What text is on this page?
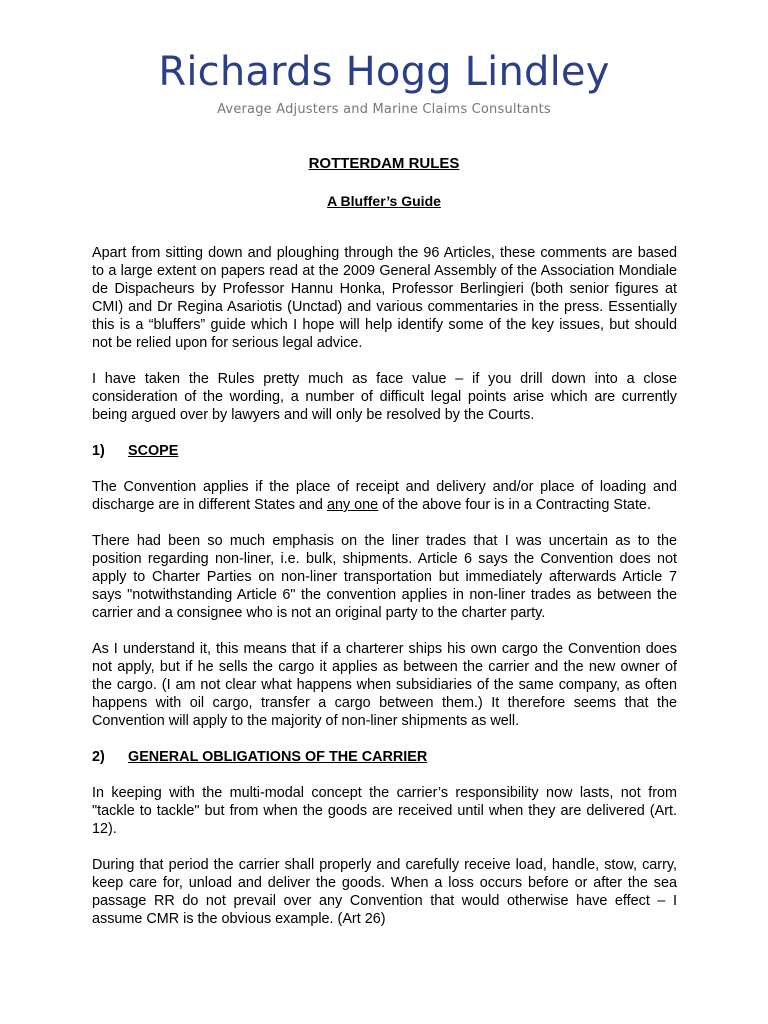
Richards Hogg Lindley
Average Adjusters and Marine Claims Consultants
ROTTERDAM RULES
A Bluffer’s Guide

Apart from sitting down and ploughing through the 96 Articles, these comments are based to a large extent on papers read at the 2009 General Assembly of the Association Mondiale de Dispacheurs by Professor Hannu Honka, Professor Berlingieri (both senior figures at CMI) and Dr Regina Asariotis (Unctad) and various commentaries in the press. Essentially this is a “bluffers” guide which I hope will help identify some of the key issues, but should not be relied upon for serious legal advice.

I have taken the Rules pretty much as face value – if you drill down into a close consideration of the wording, a number of difficult legal points arise which are currently being argued over by lawyers and will only be resolved by the Courts.

1) SCOPE

The Convention applies if the place of receipt and delivery and/or place of loading and discharge are in different States and any one of the above four is in a Contracting State.

There had been so much emphasis on the liner trades that I was uncertain as to the position regarding non-liner, i.e. bulk, shipments. Article 6 says the Convention does not apply to Charter Parties on non-liner transportation but immediately afterwards Article 7 says "notwithstanding Article 6" the convention applies in non-liner trades as between the carrier and a consignee who is not an original party to the charter party.

As I understand it, this means that if a charterer ships his own cargo the Convention does not apply, but if he sells the cargo it applies as between the carrier and the new owner of the cargo. (I am not clear what happens when subsidiaries of the same company, as often happens with oil cargo, transfer a cargo between them.) It therefore seems that the Convention will apply to the majority of non-liner shipments as well.

2) GENERAL OBLIGATIONS OF THE CARRIER

In keeping with the multi-modal concept the carrier’s responsibility now lasts, not from "tackle to tackle" but from when the goods are received until when they are delivered (Art. 12).

During that period the carrier shall properly and carefully receive load, handle, stow, carry, keep care for, unload and deliver the goods. When a loss occurs before or after the sea passage RR do not prevail over any Convention that would otherwise have effect – I assume CMR is the obvious example. (Art 26)
